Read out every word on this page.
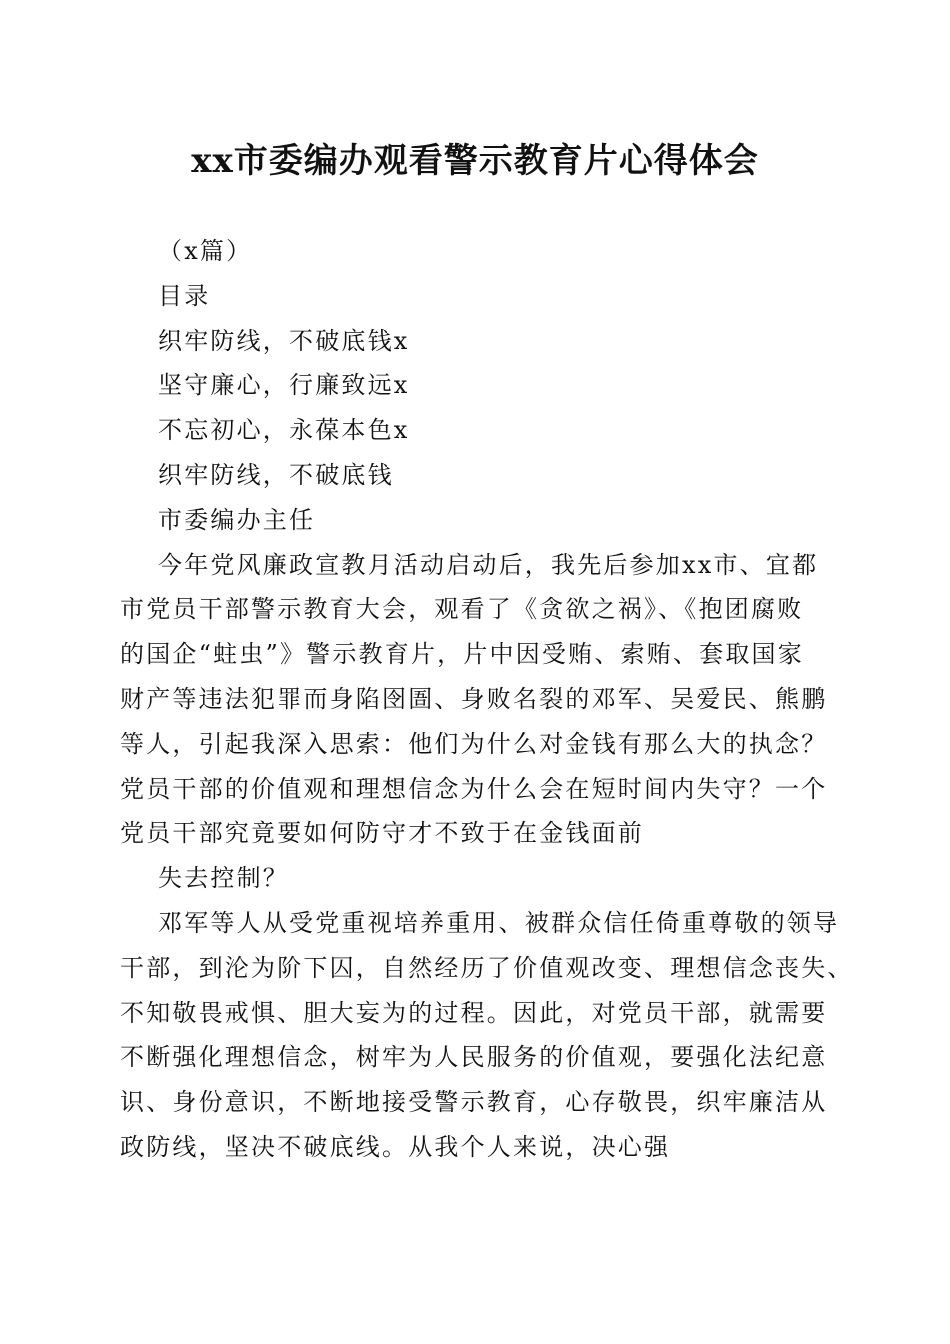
xx市委编办观看警示教育片心得体会
（x篇）
目录
织牢防线，不破底钱x
坚守廉心，行廉致远x
不忘初心，永葆本色x
织牢防线，不破底钱
市委编办主任
今年党风廉政宣教月活动启动后，我先后参加xx市、宜都
市党员干部警示教育大会，观看了《贪欲之祸》、《抱团腐败
的国企“蛀虫”》警示教育片，片中因受贿、索贿、套取国家
财产等违法犯罪而身陷囹圄、身败名裂的邓军、吴爱民、熊鹏
等人，引起我深入思索：他们为什么对金钱有那么大的执念？
党员干部的价值观和理想信念为什么会在短时间内失守？一个
党员干部究竟要如何防守才不致于在金钱面前
失去控制？
邓军等人从受党重视培养重用、被群众信任倚重尊敬的领导
干部，到沦为阶下囚，自然经历了价值观改变、理想信念丧失、
不知敬畏戒惧、胆大妄为的过程。因此，对党员干部，就需要
不断强化理想信念，树牢为人民服务的价值观，要强化法纪意
识、身份意识，不断地接受警示教育，心存敬畏，织牢廉洁从
政防线，坚决不破底线。从我个人来说，决心强
